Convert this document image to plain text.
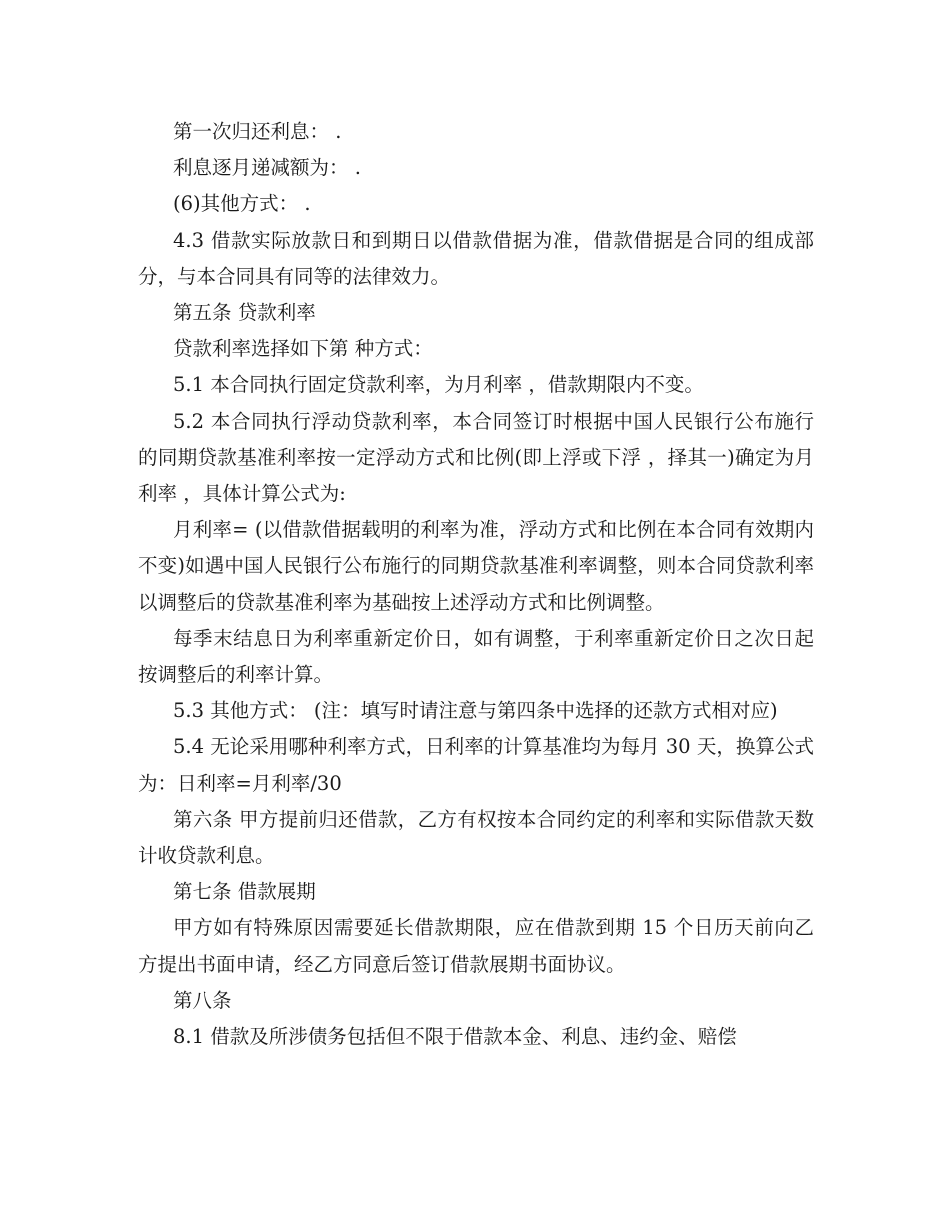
第一次归还利息： .

利息逐月递减额为： .

(6)其他方式： .

4.3 借款实际放款日和到期日以借款借据为准，借款借据是合同的组成部分，与本合同具有同等的法律效力。

第五条 贷款利率

贷款利率选择如下第 种方式：

5.1 本合同执行固定贷款利率，为月利率 ，借款期限内不变。

5.2 本合同执行浮动贷款利率，本合同签订时根据中国人民银行公布施行的同期贷款基准利率按一定浮动方式和比例(即上浮或下浮 ，择其一)确定为月利率 ，具体计算公式为:

月利率= (以借款借据载明的利率为准，浮动方式和比例在本合同有效期内不变)如遇中国人民银行公布施行的同期贷款基准利率调整，则本合同贷款利率以调整后的贷款基准利率为基础按上述浮动方式和比例调整。

每季末结息日为利率重新定价日，如有调整，于利率重新定价日之次日起按调整后的利率计算。

5.3 其他方式： (注：填写时请注意与第四条中选择的还款方式相对应)

5.4 无论采用哪种利率方式，日利率的计算基准均为每月 30 天，换算公式为：日利率=月利率/30

第六条 甲方提前归还借款，乙方有权按本合同约定的利率和实际借款天数计收贷款利息。

第七条 借款展期

甲方如有特殊原因需要延长借款期限，应在借款到期 15 个日历天前向乙方提出书面申请，经乙方同意后签订借款展期书面协议。

第八条

8.1 借款及所涉债务包括但不限于借款本金、利息、违约金、赔偿
